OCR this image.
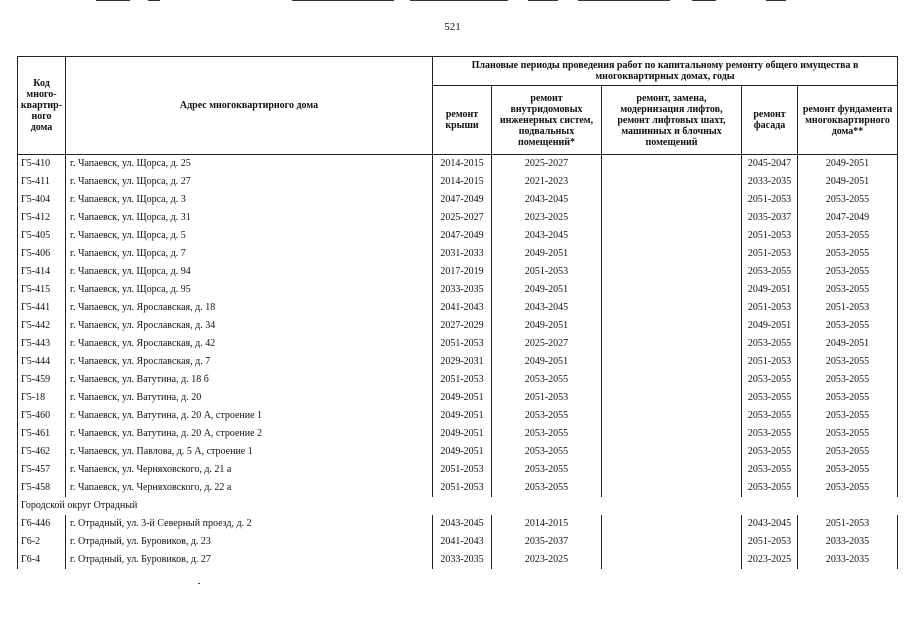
521
Код много-квартир-ного дома	Адрес многоквартирного дома	Плановые периоды проведения работ по капитальному ремонту общего имущества в многоквартирных домах, годы				
		ремонт крыши	ремонт внутридомовых инженерных систем, подвальных помещений*	ремонт, замена, модернизация лифтов, ремонт лифтовых шахт, машинных и блочных помещений	ремонт фасада	ремонт фундамента многоквартирного дома**
Г5-410	г. Чапаевск, ул. Щорса, д. 25	2014-2015	2025-2027		2045-2047	2049-2051
Г5-411	г. Чапаевск, ул. Щорса, д. 27	2014-2015	2021-2023		2033-2035	2049-2051
Г5-404	г. Чапаевск, ул. Щорса, д. 3	2047-2049	2043-2045		2051-2053	2053-2055
Г5-412	г. Чапаевск, ул. Щорса, д. 31	2025-2027	2023-2025		2035-2037	2047-2049
Г5-405	г. Чапаевск, ул. Щорса, д. 5	2047-2049	2043-2045		2051-2053	2053-2055
Г5-406	г. Чапаевск, ул. Щорса, д. 7	2031-2033	2049-2051		2051-2053	2053-2055
Г5-414	г. Чапаевск, ул. Щорса, д. 94	2017-2019	2051-2053		2053-2055	2053-2055
Г5-415	г. Чапаевск, ул. Щорса, д. 95	2033-2035	2049-2051		2049-2051	2053-2055
Г5-441	г. Чапаевск, ул. Ярославская, д. 18	2041-2043	2043-2045		2051-2053	2051-2053
Г5-442	г. Чапаевск, ул. Ярославская, д. 34	2027-2029	2049-2051		2049-2051	2053-2055
Г5-443	г. Чапаевск, ул. Ярославская, д. 42	2051-2053	2025-2027		2053-2055	2049-2051
Г5-444	г. Чапаевск, ул. Ярославская, д. 7	2029-2031	2049-2051		2051-2053	2053-2055
Г5-459	г. Чапаевск, ул. Ватутина, д. 18 б	2051-2053	2053-2055		2053-2055	2053-2055
Г5-18	г. Чапаевск, ул. Ватутина, д. 20	2049-2051	2051-2053		2053-2055	2053-2055
Г5-460	г. Чапаевск, ул. Ватутина, д. 20 А, строение 1	2049-2051	2053-2055		2053-2055	2053-2055
Г5-461	г. Чапаевск, ул. Ватутина, д. 20 А, строение 2	2049-2051	2053-2055		2053-2055	2053-2055
Г5-462	г. Чапаевск, ул. Павлова, д. 5 А, строение 1	2049-2051	2053-2055		2053-2055	2053-2055
Г5-457	г. Чапаевск, ул. Черняховского, д. 21 а	2051-2053	2053-2055		2053-2055	2053-2055
Г5-458	г. Чапаевск, ул. Черняховского, д. 22 а	2051-2053	2053-2055		2053-2055	2053-2055
Городской округ Отрадный						
Г6-446	г. Отрадный, ул. 3-й Северный проезд, д. 2	2043-2045	2014-2015		2043-2045	2051-2053
Г6-2	г. Отрадный, ул. Буровиков, д. 23	2041-2043	2035-2037		2051-2053	2033-2035
Г6-4	г. Отрадный, ул. Буровиков, д. 27	2033-2035	2023-2025		2023-2025	2033-2035
